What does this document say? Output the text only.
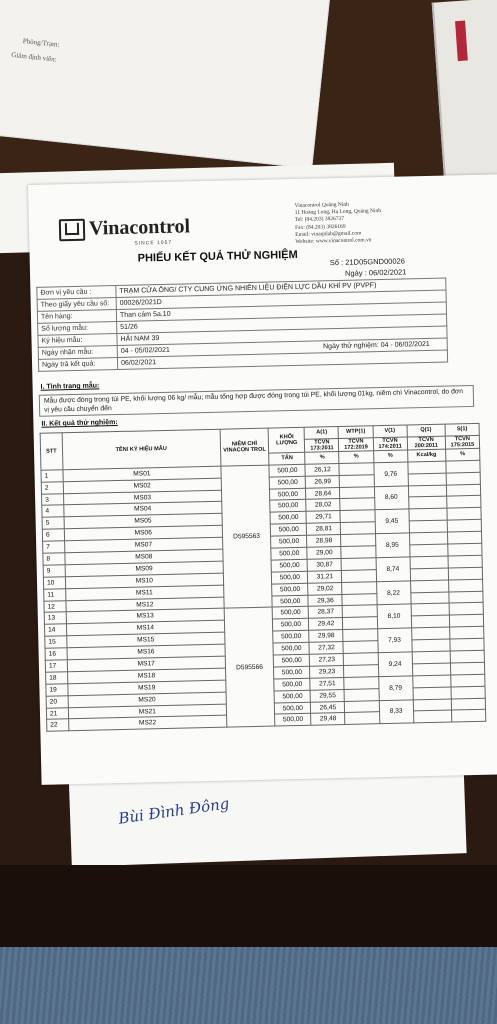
Phòng/Trạm:
Giám định viên:
Bùi Đình Đông
Vinacontrol
SINCE 1957
Vinacontrol Quảng Ninh
11 Hoàng Long, Hạ Long, Quảng Ninh
Tel: (84.203) 3826737
Fax: (84.203) 3826169
Email: vinaqnlab@gmail.com
Website: www.vinacontrol.com.vn
PHIẾU KẾT QUẢ THỬ NGHIỆM	Số : 21D05GND00026
Ngày : 06/02/2021
Đơn vị yêu cầu :	TRẠM CỬA ÔNG/ CTY CUNG ỨNG NHIÊN LIỆU ĐIỆN LỰC DẦU KHÍ PV (PVPF)
Theo giấy yêu cầu số:	00026/2021D
Tên hàng:	Than cám 5a.10
Số lượng mẫu:	51/26
Ký hiệu mẫu:	HẢI NAM 39
Ngày nhận mẫu:	04 - 05/02/2021
Ngày thử nghiệm: 04 - 06/02/2021

Ngày trả kết quả:	06/02/2021
I. Tình trạng mẫu:
Mẫu được đóng trong túi PE, khối lượng 06 kg/ mẫu; mẫu tổng hợp được đóng trong túi PE, khối lượng 01kg, niêm chì Vinacontrol, do đơn vị yêu cầu chuyển đến
II. Kết quả thử nghiệm:
STT	TÊN/ KÝ HIỆU MẪU	NIÊM CHÌ VINACON TROL	KHỐI LƯỢNG	A(1)	WTP(1)	V(1)	Q(1)	S(1)
				TCVN 173:2011	TCVN 172:2019	TCVN 174:2011	TCVN 200:2011	TCVN 175:2015
			TẤN	%	%	%	Kcal/kg	%
1	MS01	D595563	500,00	26,12		9,76		
2	MS02		500,00	26,99				
3	MS03		500,00	28,64		8,60		
4	MS04		500,00	28,02				
5	MS05		500,00	29,71		9,45		
6	MS06		500,00	28,81				
7	MS07		500,00	28,98		8,95		
8	MS08		500,00	29,00				
9	MS09		500,00	30,87		8,74		
10	MS10		500,00	31,21				
11	MS11		500,00	29,02		8,22		
12	MS12		500,00	29,36				
13	MS13	D595566	500,00	28,37		8,10		
14	MS14		500,00	29,42				
15	MS15		500,00	29,98		7,93		
16	MS16		500,00	27,32				
17	MS17		500,00	27,23		9,24		
18	MS18		500,00	29,23				
19	MS19		500,00	27,51		8,79		
20	MS20		500,00	29,55				
21	MS21		500,00	26,45		8,33		
22	MS22		500,00	29,48				
